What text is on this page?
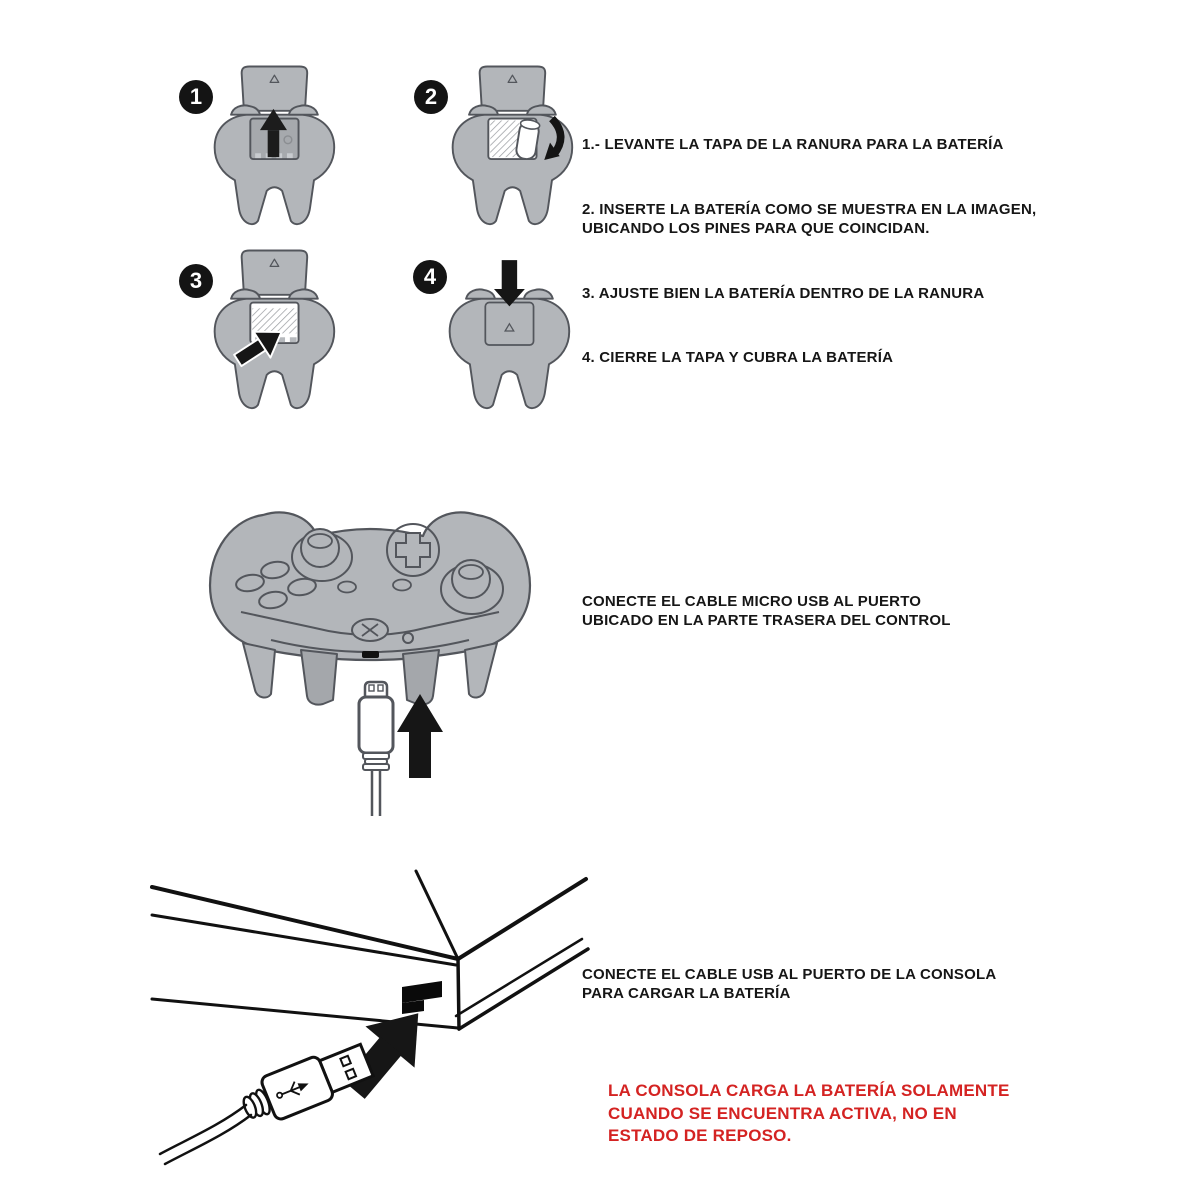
1	2
3	4
1.- LEVANTE LA TAPA DE LA RANURA PARA LA BATERÍA
2. INSERTE LA BATERÍA COMO SE MUESTRA EN LA IMAGEN,
UBICANDO LOS PINES PARA QUE COINCIDAN.
3. AJUSTE BIEN LA BATERÍA DENTRO DE LA RANURA
4. CIERRE LA TAPA Y CUBRA LA BATERÍA
CONECTE EL CABLE MICRO USB AL PUERTO
UBICADO EN LA PARTE TRASERA DEL CONTROL
CONECTE EL CABLE USB AL PUERTO DE LA CONSOLA
PARA CARGAR LA BATERÍA
LA CONSOLA CARGA LA BATERÍA SOLAMENTE
CUANDO SE ENCUENTRA ACTIVA, NO EN
ESTADO DE REPOSO.
